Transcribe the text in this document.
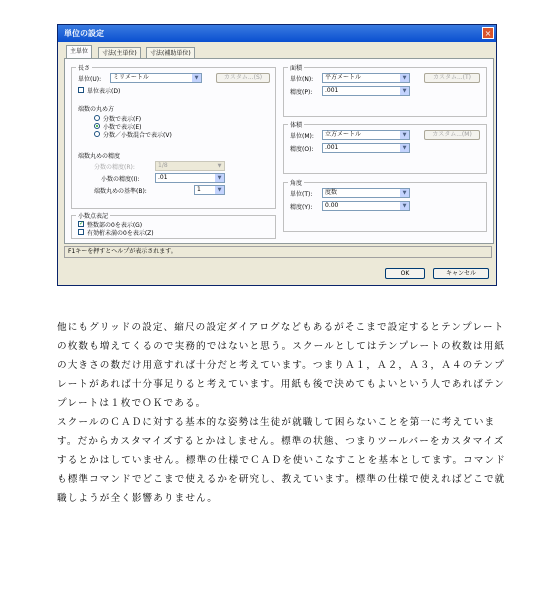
単位の設定	×
主単位	寸法(主単位)	寸法(補助単位)
長さ
単位(U):	ミリメートル	▼	カスタム...(S)
単位表示(D)
端数の丸め方
分数で表示(F)
小数で表示(E)
分数／小数混合で表示(V)
端数丸めの精度
分数の精度(R):	1/8	▼
小数の精度(I):	.01	▼
端数丸めの基準(B):	1	▼
小数点表記
✓ 整数部の0を表示(G)
有効桁未満の0を表示(Z)
面積
単位(N):	平方メートル	▼	カスタム...(T)
精度(P):	.001	▼
体積
単位(M):	立方メートル	▼	カスタム...(M)
精度(O):	.001	▼
角度
単位(T):	度数	▼
精度(Y):	0.00	▼
F1キーを押すとヘルプが表示されます。
OK	キャンセル

他にもグリッドの設定、縮尺の設定ダイアログなどもあるがそこまで設定するとテンプレートの枚数も増えてくるので実務的ではないと思う。スクールとしてはテンプレートの枚数は用紙の大きさの数だけ用意すれば十分だと考えています。つまりＡ１，Ａ２，Ａ３，Ａ４のテンプレートがあれば十分事足りると考えています。用紙も後で決めてもよいという人であればテンプレートは１枚でＯＫである。

スクールのＣＡＤに対する基本的な姿勢は生徒が就職して困らないことを第一に考えています。だからカスタマイズするとかはしません。標準の状態、つまりツールバーをカスタマイズするとかはしていません。標準の仕様でＣＡＤを使いこなすことを基本としてます。コマンドも標準コマンドでどこまで使えるかを研究し、教えています。標準の仕様で使えればどこで就職しようが全く影響ありません。
